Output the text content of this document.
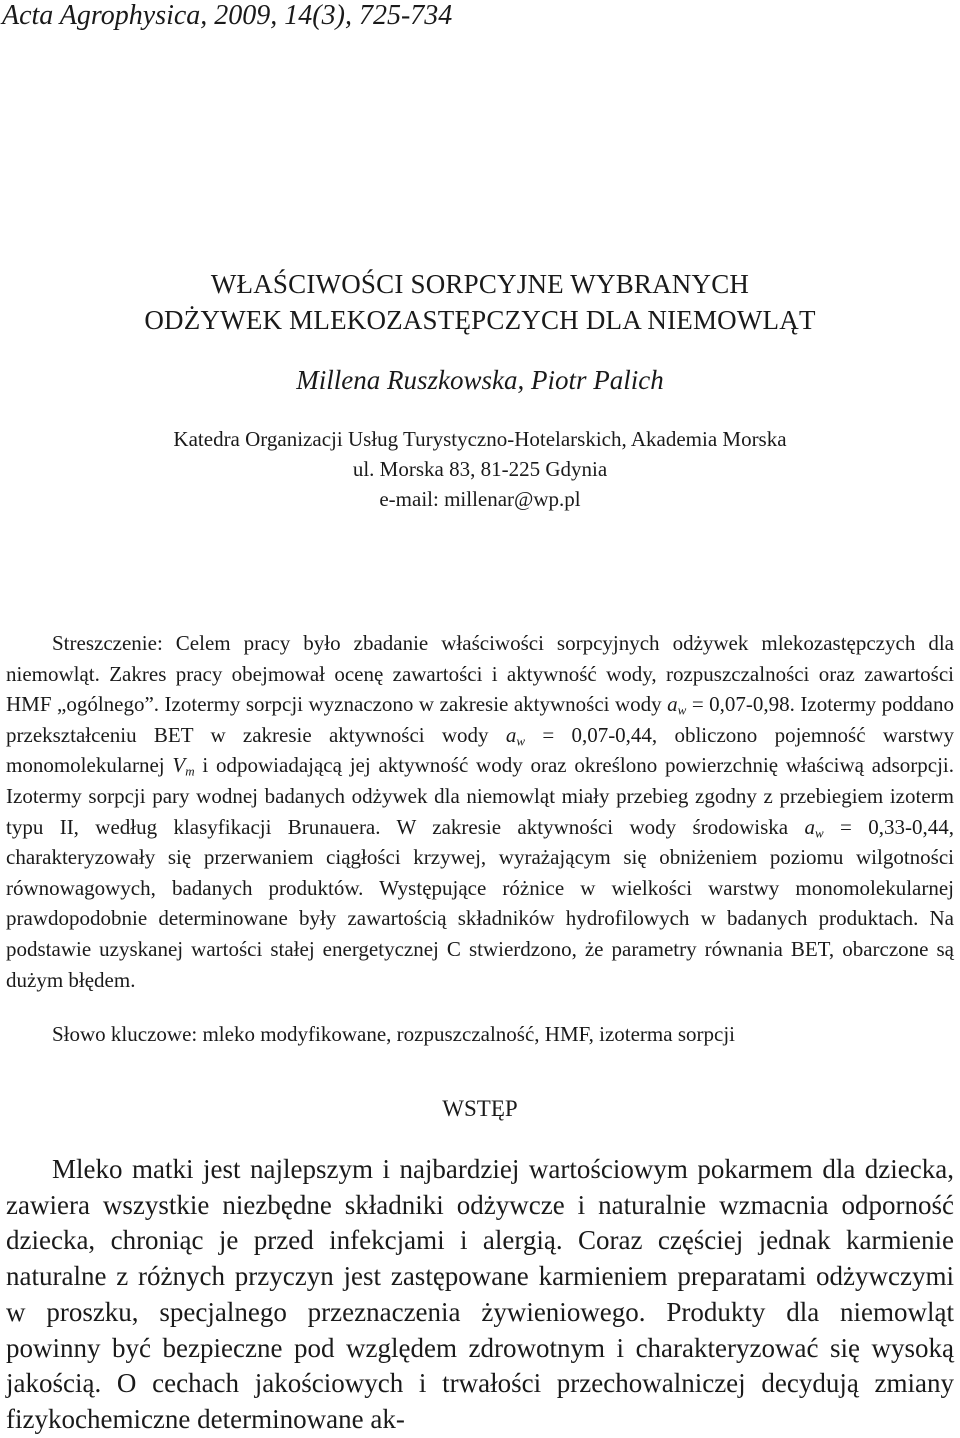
Acta Agrophysica, 2009, 14(3), 725-734
WŁAŚCIWOŚCI SORPCYJNE WYBRANYCH
ODŻYWEK MLEKOZASTĘPCZYCH DLA NIEMOWLĄT
Millena Ruszkowska, Piotr Palich
Katedra Organizacji Usług Turystyczno-Hotelarskich, Akademia Morska
ul. Morska 83, 81-225 Gdynia
e-mail: millenar@wp.pl

Streszczenie: Celem pracy było zbadanie właściwości sorpcyjnych odżywek mlekozastępczych dla niemowląt. Zakres pracy obejmował ocenę zawartości i aktywność wody, rozpuszczalności oraz zawartości HMF „ogólnego”. Izotermy sorpcji wyznaczono w zakresie aktywności wody $a_w = 0,07-0,98$. Izotermy poddano przekształceniu BET w zakresie aktywności wody $a_w = 0,07-0,44$, obliczono pojemność warstwy monomolekularnej $V_m$ i odpowiadającą jej aktywność wody oraz określono powierzchnię właściwą adsorpcji. Izotermy sorpcji pary wodnej badanych odżywek dla niemowląt miały przebieg zgodny z przebiegiem izoterm typu II, według klasyfikacji Brunauera. W zakresie aktywności wody środowiska $a_w = 0,33-0,44$, charakteryzowały się przerwaniem ciągłości krzywej, wyrażającym się obniżeniem poziomu wilgotności równowagowych, badanych produktów. Występujące różnice w wielkości warstwy monomolekularnej prawdopodobnie determinowane były zawartością składników hydrofilowych w badanych produktach. Na podstawie uzyskanej wartości stałej energetycznej C stwierdzono, że parametry równania BET, obarczone są dużym błędem.

Słowo kluczowe: mleko modyfikowane, rozpuszczalność, HMF, izoterma sorpcji

WSTĘP

Mleko matki jest najlepszym i najbardziej wartościowym pokarmem dla dziecka, zawiera wszystkie niezbędne składniki odżywcze i naturalnie wzmacnia odporność dziecka, chroniąc je przed infekcjami i alergią. Coraz częściej jednak karmienie naturalne z różnych przyczyn jest zastępowane karmieniem preparatami odżywczymi w proszku, specjalnego przeznaczenia żywieniowego. Produkty dla niemowląt powinny być bezpieczne pod względem zdrowotnym i charakteryzować się wysoką jakością. O cechach jakościowych i trwałości przechowalniczej decydują zmiany fizykochemiczne determinowane ak-
